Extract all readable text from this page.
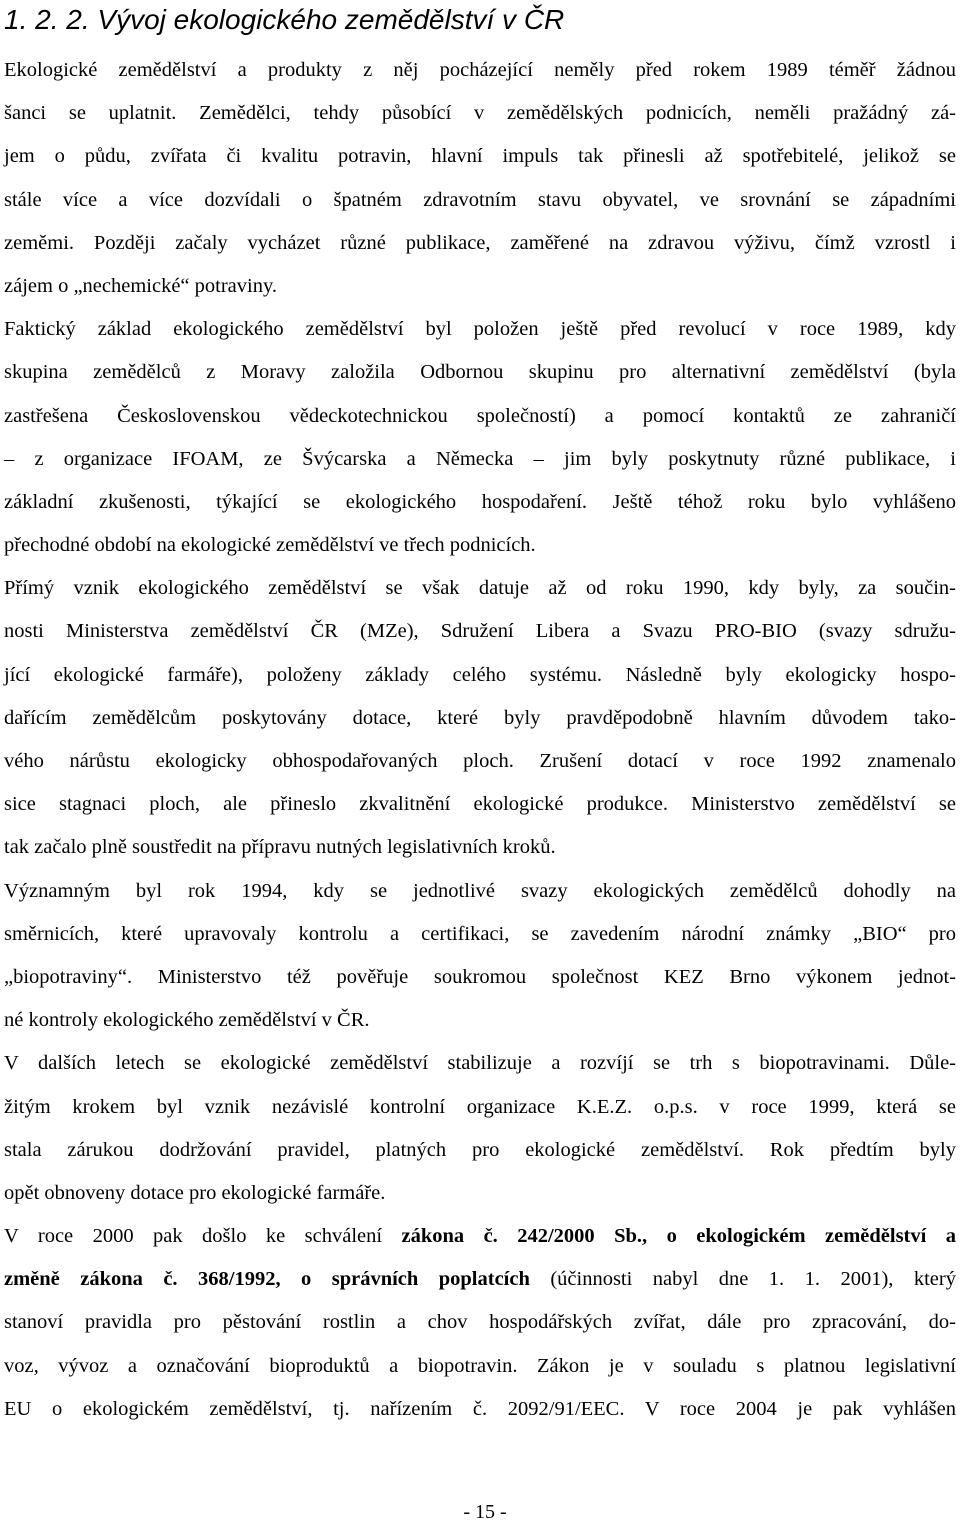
1. 2. 2. Vývoj ekologického zemědělství v ČR
Ekologické zemědělství a produkty z něj pocházející neměly před rokem 1989 téměř žádnou
šanci se uplatnit. Zemědělci, tehdy působící v zemědělských podnicích, neměli pražádný zá-
jem o půdu, zvířata či kvalitu potravin, hlavní impuls tak přinesli až spotřebitelé, jelikož se
stále více a více dozvídali o špatném zdravotním stavu obyvatel, ve srovnání se západními
zeměmi. Později začaly vycházet různé publikace, zaměřené na zdravou výživu, čímž vzrostl i
zájem o „nechemické“ potraviny.
Faktický základ ekologického zemědělství byl položen ještě před revolucí v roce 1989, kdy
skupina zemědělců z Moravy založila Odbornou skupinu pro alternativní zemědělství (byla
zastřešena Československou vědeckotechnickou společností) a pomocí kontaktů ze zahraničí
– z organizace IFOAM, ze Švýcarska a Německa – jim byly poskytnuty různé publikace, i
základní zkušenosti, týkající se ekologického hospodaření. Ještě téhož roku bylo vyhlášeno
přechodné období na ekologické zemědělství ve třech podnicích.
Přímý vznik ekologického zemědělství se však datuje až od roku 1990, kdy byly, za součin-
nosti Ministerstva zemědělství ČR (MZe), Sdružení Libera a Svazu PRO-BIO (svazy sdružu-
jící ekologické farmáře), položeny základy celého systému. Následně byly ekologicky hospo-
dařícím zemědělcům poskytovány dotace, které byly pravděpodobně hlavním důvodem tako-
vého nárůstu ekologicky obhospodařovaných ploch. Zrušení dotací v roce 1992 znamenalo
sice stagnaci ploch, ale přineslo zkvalitnění ekologické produkce. Ministerstvo zemědělství se
tak začalo plně soustředit na přípravu nutných legislativních kroků.
Významným byl rok 1994, kdy se jednotlivé svazy ekologických zemědělců dohodly na
směrnicích, které upravovaly kontrolu a certifikaci, se zavedením národní známky „BIO“ pro
„biopotraviny“. Ministerstvo též pověřuje soukromou společnost KEZ Brno výkonem jednot-
né kontroly ekologického zemědělství v ČR.
V dalších letech se ekologické zemědělství stabilizuje a rozvíjí se trh s biopotravinami. Důle-
žitým krokem byl vznik nezávislé kontrolní organizace K.E.Z. o.p.s. v roce 1999, která se
stala zárukou dodržování pravidel, platných pro ekologické zemědělství. Rok předtím byly
opět obnoveny dotace pro ekologické farmáře.
V roce 2000 pak došlo ke schválení zákona č. 242/2000 Sb., o ekologickém zemědělství a
změně zákona č. 368/1992, o správních poplatcích (účinnosti nabyl dne 1. 1. 2001), který
stanoví pravidla pro pěstování rostlin a chov hospodářských zvířat, dále pro zpracování, do-
voz, vývoz a označování bioproduktů a biopotravin. Zákon je v souladu s platnou legislativní
EU o ekologickém zemědělství, tj. nařízením č. 2092/91/EEC. V roce 2004 je pak vyhlášen
- 15 -
